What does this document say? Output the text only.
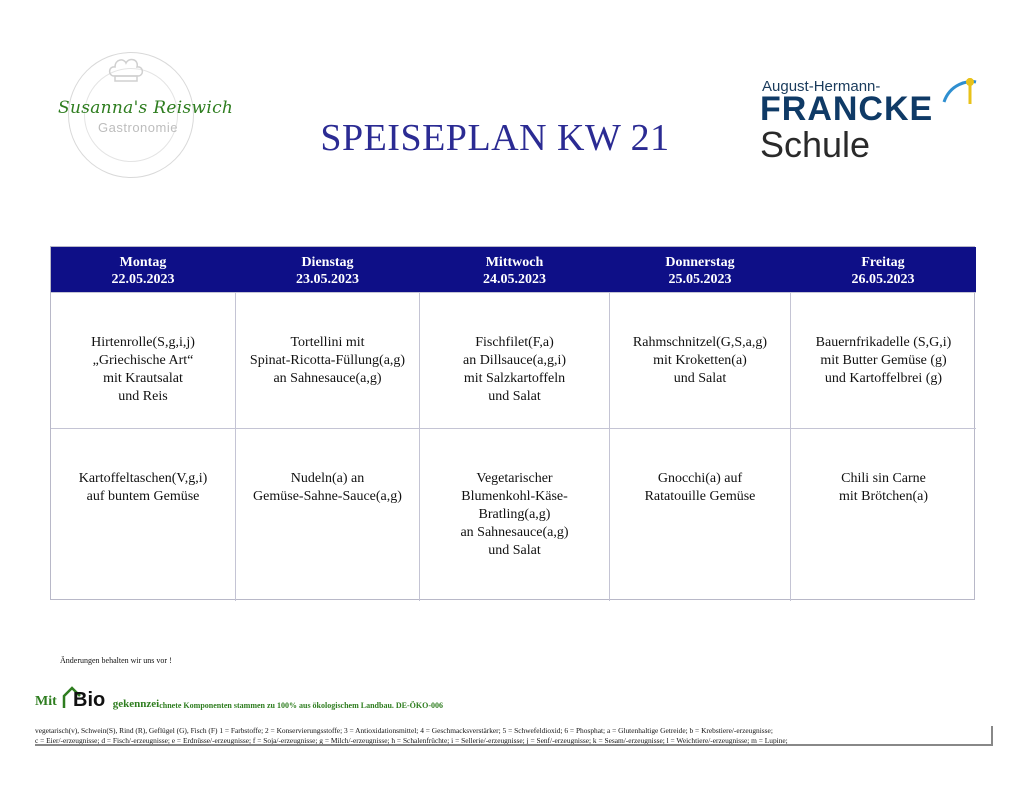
Susanna's Reiswich
Gastronomie	SPEISEPLAN KW 21
August-Hermann-
FRANCKE
Schule
Montag
22.05.2023
Dienstag
23.05.2023
Mittwoch
24.05.2023
Donnerstag
25.05.2023
Freitag
26.05.2023
Hirtenrolle(S,g,i,j)
„Griechische Art“
mit Krautsalat
und Reis
Tortellini mit
Spinat-Ricotta-Füllung(a,g)
an Sahnesauce(a,g)
Fischfilet(F,a)
an Dillsauce(a,g,i)
mit Salzkartoffeln
und Salat
Rahmschnitzel(G,S,a,g)
mit Kroketten(a)
und Salat
Bauernfrikadelle (S,G,i)
mit Butter Gemüse (g)
und Kartoffelbrei (g)
Kartoffeltaschen(V,g,i)
auf buntem Gemüse
Nudeln(a) an
Gemüse-Sahne-Sauce(a,g)
Vegetarischer
Blumenkohl-Käse-
Bratling(a,g)
an Sahnesauce(a,g)
und Salat
Gnocchi(a) auf
Ratatouille Gemüse
Chili sin Carne
mit Brötchen(a)
Änderungen behalten wir uns vor !
Mit Bio gekennzeichnete Komponenten stammen zu 100% aus ökologischem Landbau. DE-ÖKO-006
vegetarisch(v), Schwein(S), Rind (R), Geflügel (G), Fisch (F) 1 = Farbstoffe; 2 = Konservierungsstoffe; 3 = Antioxidationsmittel; 4 = Geschmacksverstärker; 5 = Schwefeldioxid; 6 = Phosphat; a = Glutenhaltige Getreide; b = Krebstiere/-erzeugnisse;
c = Eier/-erzeugnisse; d = Fisch/-erzeugnisse; e = Erdnüsse/-erzeugnisse; f = Soja/-erzeugnisse; g = Milch/-erzeugnisse; h = Schalenfrüchte; i = Sellerie/-erzeugnisse; j = Senf/-erzeugnisse; k = Sesam/-erzeugnisse; l = Weichtiere/-erzeugnisse; m = Lupine;
